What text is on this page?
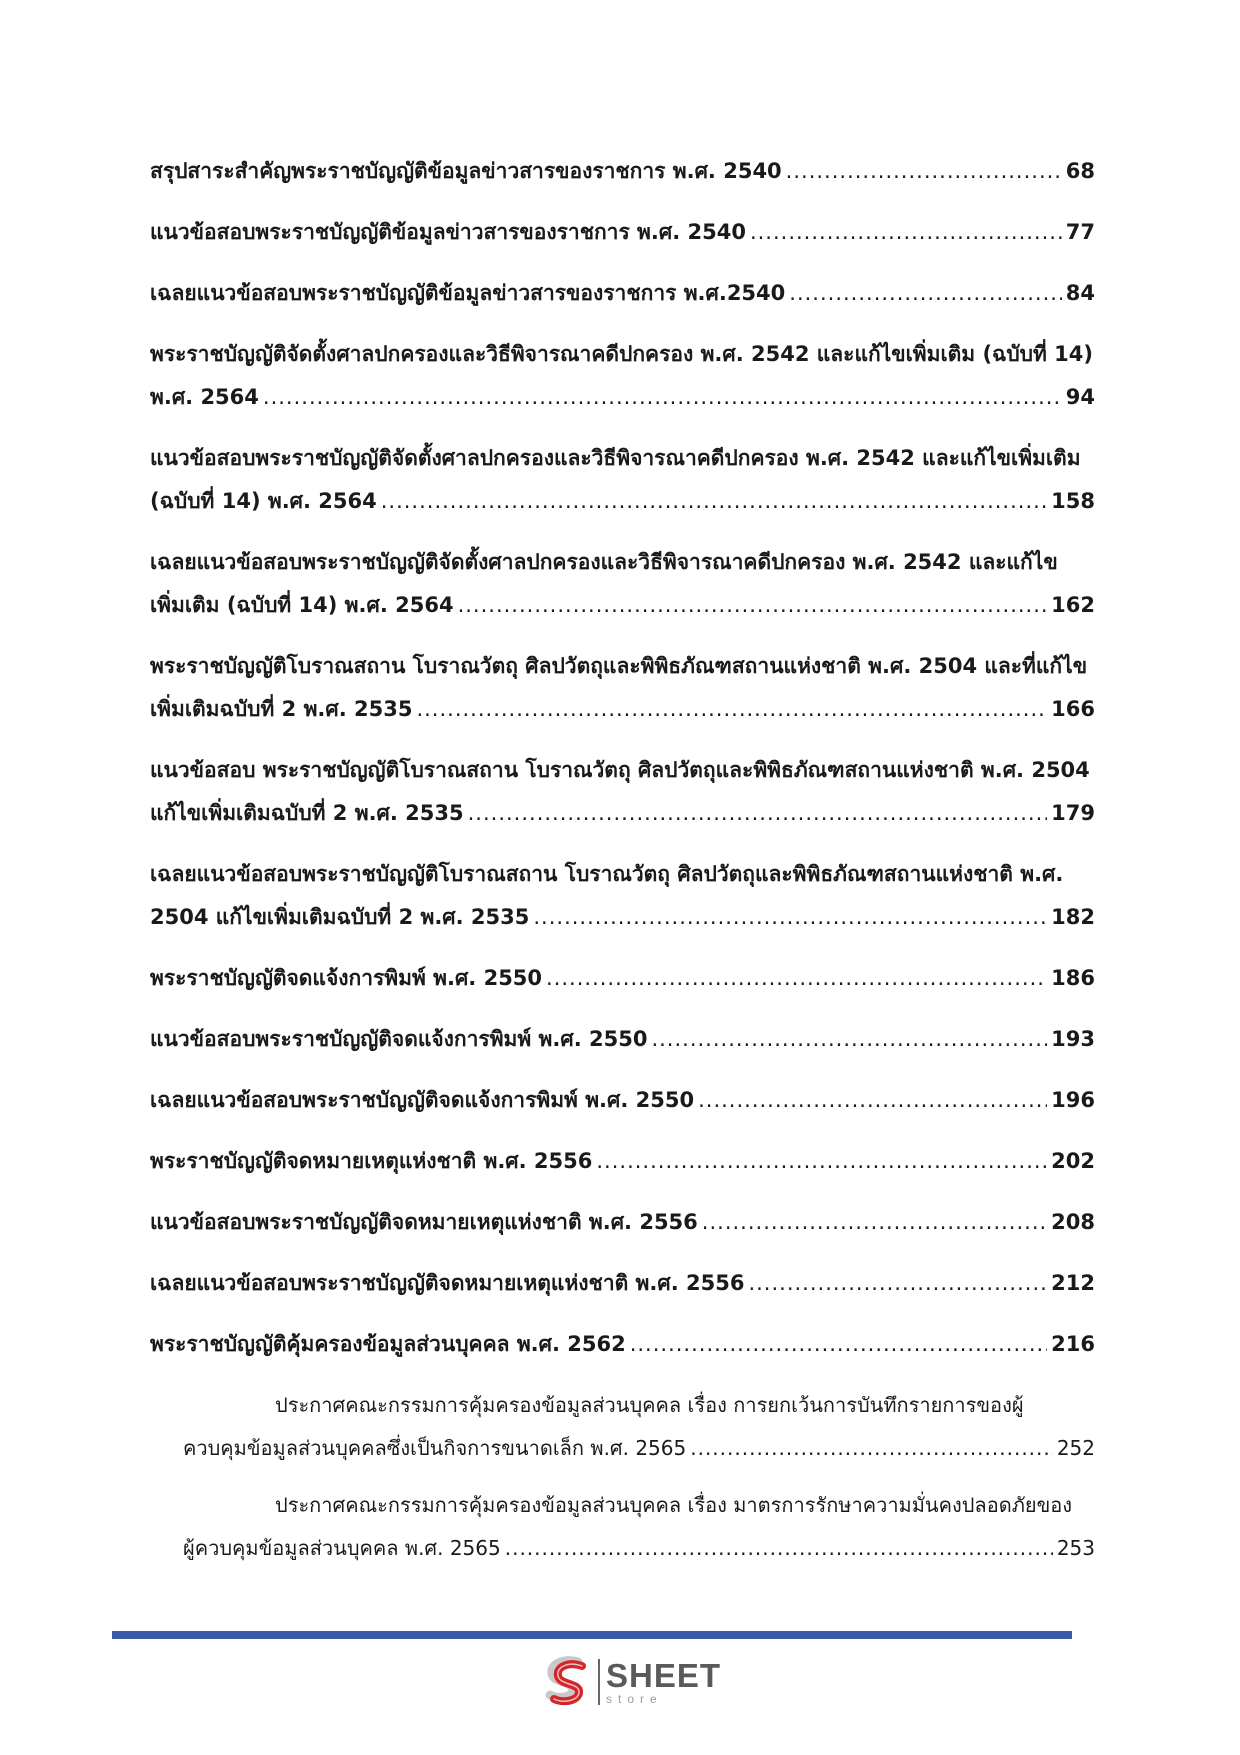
สรุปสาระสำคัญพระราชบัญญัติข้อมูลข่าวสารของราชการ พ.ศ. 2540 .....	68
แนวข้อสอบพระราชบัญญัติข้อมูลข่าวสารของราชการ พ.ศ. 2540 .....	77
เฉลยแนวข้อสอบพระราชบัญญัติข้อมูลข่าวสารของราชการ พ.ศ.2540 .....	84
พระราชบัญญัติจัดตั้งศาลปกครองและวิธีพิจารณาคดีปกครอง พ.ศ. 2542 และแก้ไขเพิ่มเติม (ฉบับที่ 14)
พ.ศ. 2564 .....	94
แนวข้อสอบพระราชบัญญัติจัดตั้งศาลปกครองและวิธีพิจารณาคดีปกครอง พ.ศ. 2542 และแก้ไขเพิ่มเติม
(ฉบับที่ 14) พ.ศ. 2564 .....	158
เฉลยแนวข้อสอบพระราชบัญญัติจัดตั้งศาลปกครองและวิธีพิจารณาคดีปกครอง พ.ศ. 2542 และแก้ไข
เพิ่มเติม (ฉบับที่ 14) พ.ศ. 2564 .....	162
พระราชบัญญัติโบราณสถาน โบราณวัตถุ ศิลปวัตถุและพิพิธภัณฑสถานแห่งชาติ พ.ศ. 2504 และที่แก้ไข
เพิ่มเติมฉบับที่ 2 พ.ศ. 2535 .....	166
แนวข้อสอบ พระราชบัญญัติโบราณสถาน โบราณวัตถุ ศิลปวัตถุและพิพิธภัณฑสถานแห่งชาติ พ.ศ. 2504
แก้ไขเพิ่มเติมฉบับที่ 2 พ.ศ. 2535 .....	179
เฉลยแนวข้อสอบพระราชบัญญัติโบราณสถาน โบราณวัตถุ ศิลปวัตถุและพิพิธภัณฑสถานแห่งชาติ พ.ศ.
2504 แก้ไขเพิ่มเติมฉบับที่ 2 พ.ศ. 2535 .....	182
พระราชบัญญัติจดแจ้งการพิมพ์ พ.ศ. 2550 .....	186
แนวข้อสอบพระราชบัญญัติจดแจ้งการพิมพ์ พ.ศ. 2550 .....	193
เฉลยแนวข้อสอบพระราชบัญญัติจดแจ้งการพิมพ์ พ.ศ. 2550 .....	196
พระราชบัญญัติจดหมายเหตุแห่งชาติ พ.ศ. 2556 .....	202
แนวข้อสอบพระราชบัญญัติจดหมายเหตุแห่งชาติ พ.ศ. 2556 .....	208
เฉลยแนวข้อสอบพระราชบัญญัติจดหมายเหตุแห่งชาติ พ.ศ. 2556 .....	212
พระราชบัญญัติคุ้มครองข้อมูลส่วนบุคคล พ.ศ. 2562 .....	216
ประกาศคณะกรรมการคุ้มครองข้อมูลส่วนบุคคล เรื่อง การยกเว้นการบันทึกรายการของผู้
ควบคุมข้อมูลส่วนบุคคลซึ่งเป็นกิจการขนาดเล็ก พ.ศ. 2565 .....	252
ประกาศคณะกรรมการคุ้มครองข้อมูลส่วนบุคคล เรื่อง มาตรการรักษาความมั่นคงปลอดภัยของ
ผู้ควบคุมข้อมูลส่วนบุคคล พ.ศ. 2565 .....	253
SHEET
store
